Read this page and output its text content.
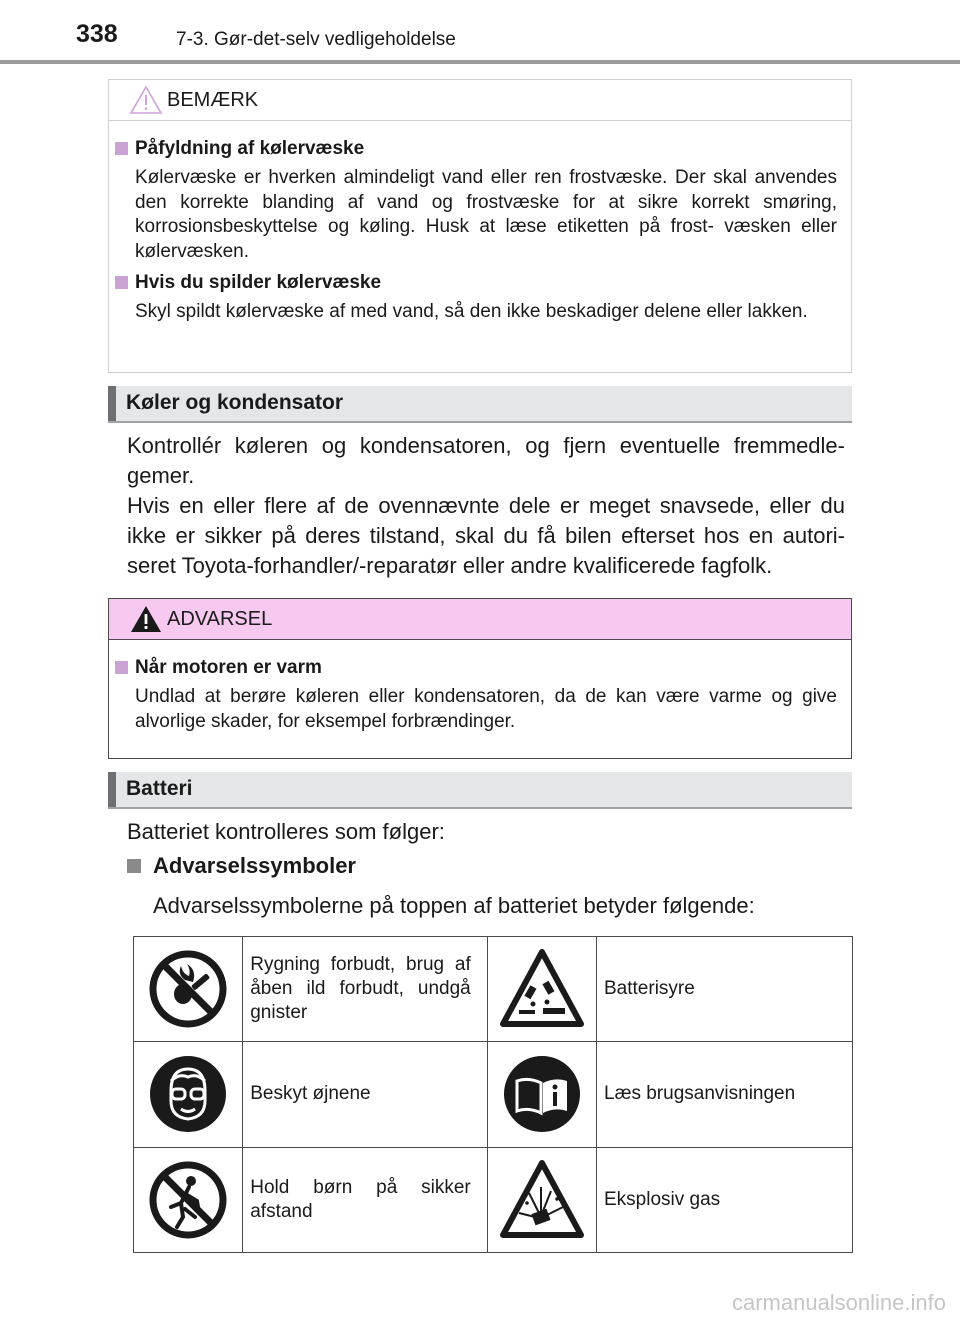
338	7-3. Gør-det-selv vedligeholdelse
BEMÆRK
Påfyldning af kølervæske
Kølervæske er hverken almindeligt vand eller ren frostvæske. Der skal anvendes den korrekte blanding af vand og frostvæske for at sikre korrekt smøring, korrosionsbeskyttelse og køling. Husk at læse etiketten på frost- væsken eller kølervæsken.
Hvis du spilder kølervæske
Skyl spildt kølervæske af med vand, så den ikke beskadiger delene eller lakken.
Køler og kondensator
Kontrollér køleren og kondensatoren, og fjern eventuelle fremmedle- gemer.
Hvis en eller flere af de ovennævnte dele er meget snavsede, eller du ikke er sikker på deres tilstand, skal du få bilen efterset hos en autori- seret Toyota-forhandler/-reparatør eller andre kvalificerede fagfolk.
ADVARSEL
Når motoren er varm
Undlad at berøre køleren eller kondensatoren, da de kan være varme og give alvorlige skader, for eksempel forbrændinger.
Batteri
Batteriet kontrolleres som følger:
Advarselssymboler
Advarselssymbolerne på toppen af batteriet betyder følgende:
	Rygning forbudt, brug af åben ild forbudt, undgå gnister		Batterisyre

	Beskyt øjnene		Læs brugsanvisningen

	Hold børn på sikker afstand		Eksplosiv gas
carmanualsonline.info
